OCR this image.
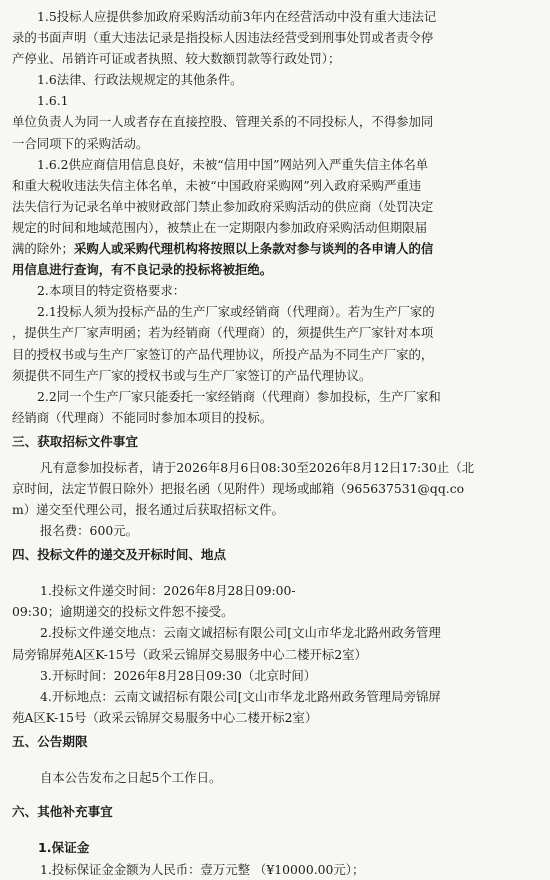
1.5投标人应提供参加政府采购活动前3年内在经营活动中没有重大违法记
录的书面声明（重大违法记录是指投标人因违法经营受到刑事处罚或者责令停
产停业、吊销许可证或者执照、较大数额罚款等行政处罚）；
1.6法律、行政法规规定的其他条件。
1.6.1
单位负责人为同一人或者存在直接控股、管理关系的不同投标人，不得参加同
一合同项下的采购活动。
1.6.2供应商信用信息良好，未被“信用中国”网站列入严重失信主体名单
和重大税收违法失信主体名单，未被“中国政府采购网”列入政府采购严重违
法失信行为记录名单中被财政部门禁止参加政府采购活动的供应商（处罚决定
规定的时间和地域范围内），被禁止在一定期限内参加政府采购活动但期限届
满的除外；采购人或采购代理机构将按照以上条款对参与谈判的各申请人的信
用信息进行查询，有不良记录的投标将被拒绝。
2.本项目的特定资格要求：
2.1投标人须为投标产品的生产厂家或经销商（代理商）。若为生产厂家的
，提供生产厂家声明函；若为经销商（代理商）的，须提供生产厂家针对本项
目的授权书或与生产厂家签订的产品代理协议，所投产品为不同生产厂家的，
须提供不同生产厂家的授权书或与生产厂家签订的产品代理协议。
2.2同一个生产厂家只能委托一家经销商（代理商）参加投标，生产厂家和
经销商（代理商）不能同时参加本项目的投标。
三、获取招标文件事宜
凡有意参加投标者，请于2026年8月6日08:30至2026年8月12日17:30止（北
京时间，法定节假日除外）把报名函（见附件）现场或邮箱（965637531@qq.co
m）递交至代理公司，报名通过后获取招标文件。
报名费：600元。
四、投标文件的递交及开标时间、地点
1.投标文件递交时间：2026年8月28日09:00-
09:30；逾期递交的投标文件恕不接受。
2.投标文件递交地点：云南文诚招标有限公司[文山市华龙北路州政务管理
局旁锦屏苑A区K-15号（政采云锦屏交易服务中心二楼开标2室）
3.开标时间：2026年8月28日09:30（北京时间）
4.开标地点：云南文诚招标有限公司[文山市华龙北路州政务管理局旁锦屏
苑A区K-15号（政采云锦屏交易服务中心二楼开标2室）
五、公告期限
自本公告发布之日起5个工作日。
六、其他补充事宜
1.保证金
1.投标保证金金额为人民币：壹万元整 （¥10000.00元）；
